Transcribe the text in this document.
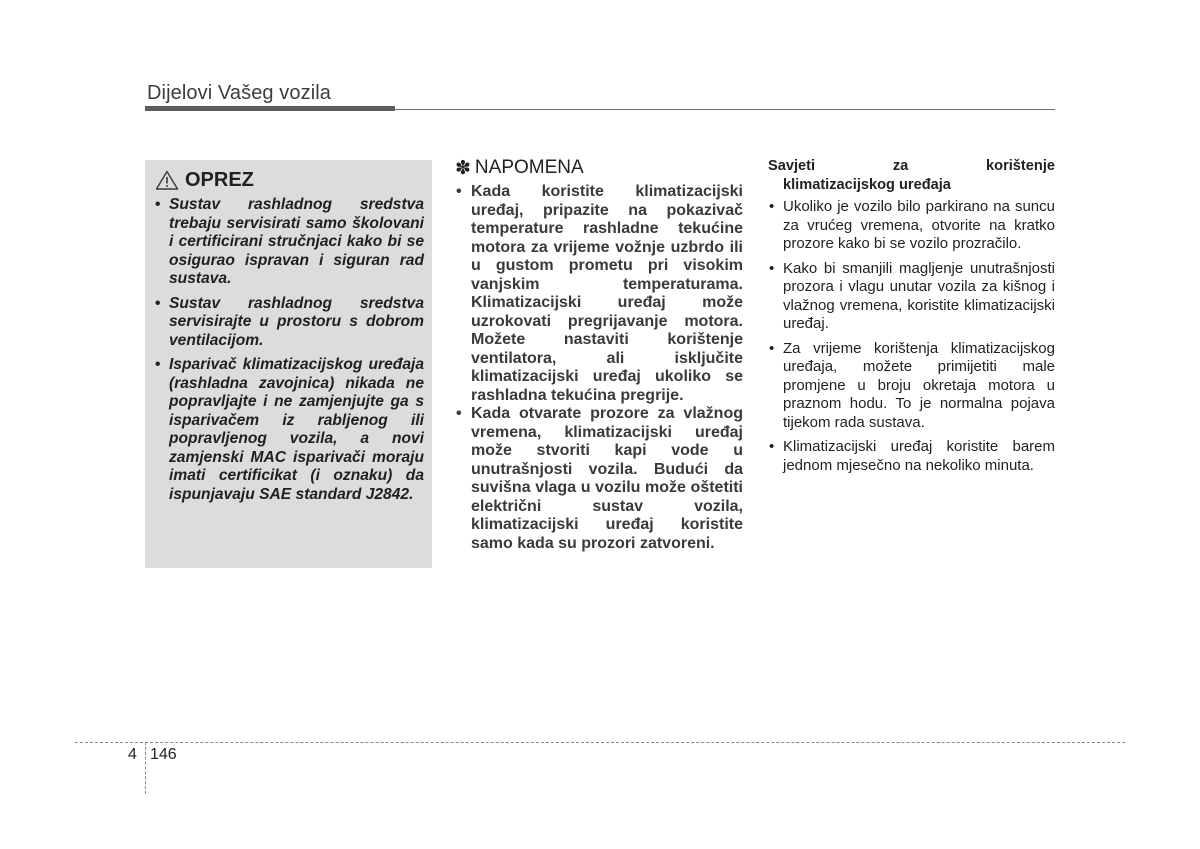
Dijelovi Vašeg vozila
OPREZ
• Sustav rashladnog sredstva trebaju servisirati samo školovani i certificirani stručnjaci kako bi se osigurao ispravan i siguran rad sustava.
• Sustav rashladnog sredstva servisirajte u prostoru s dobrom ventilacijom.
• Isparivač klimatizacijskog uređaja (rashladna zavojnica) nikada ne popravljajte i ne zamjenjujte ga s isparivačem iz rabljenog ili popravljenog vozila, a novi zamjenski MAC isparivači moraju imati certificikat (i oznaku) da ispunjavaju SAE standard J2842.
✽ NAPOMENA
• Kada koristite klimatizacijski uređaj, pripazite na pokazivač temperature rashladne tekućine motora za vrijeme vožnje uzbrdo ili u gustom prometu pri visokim vanjskim temperaturama. Klimatizacijski uređaj može uzrokovati pregrijavanje motora. Možete nastaviti korištenje ventilatora, ali isključite klimatizacijski uređaj ukoliko se rashladna tekućina pregrije.
• Kada otvarate prozore za vlažnog vremena, klimatizacijski uređaj može stvoriti kapi vode u unutrašnjosti vozila. Budući da suvišna vlaga u vozilu može oštetiti električni sustav vozila, klimatizacijski uređaj koristite samo kada su prozori zatvoreni.
Savjeti	za	korištenje
klimatizacijskog uređaja
• Ukoliko je vozilo bilo parkirano na suncu za vrućeg vremena, otvorite na kratko prozore kako bi se vozilo prozračilo.
• Kako bi smanjili magljenje unutrašnjosti prozora i vlagu unutar vozila za kišnog i vlažnog vremena, koristite klimatizacijski uređaj.
• Za vrijeme korištenja klimatizacijskog uređaja, možete primijetiti male promjene u broju okretaja motora u praznom hodu. To je normalna pojava tijekom rada sustava.
• Klimatizacijski uređaj koristite barem jednom mjesečno na nekoliko minuta.
4 146
